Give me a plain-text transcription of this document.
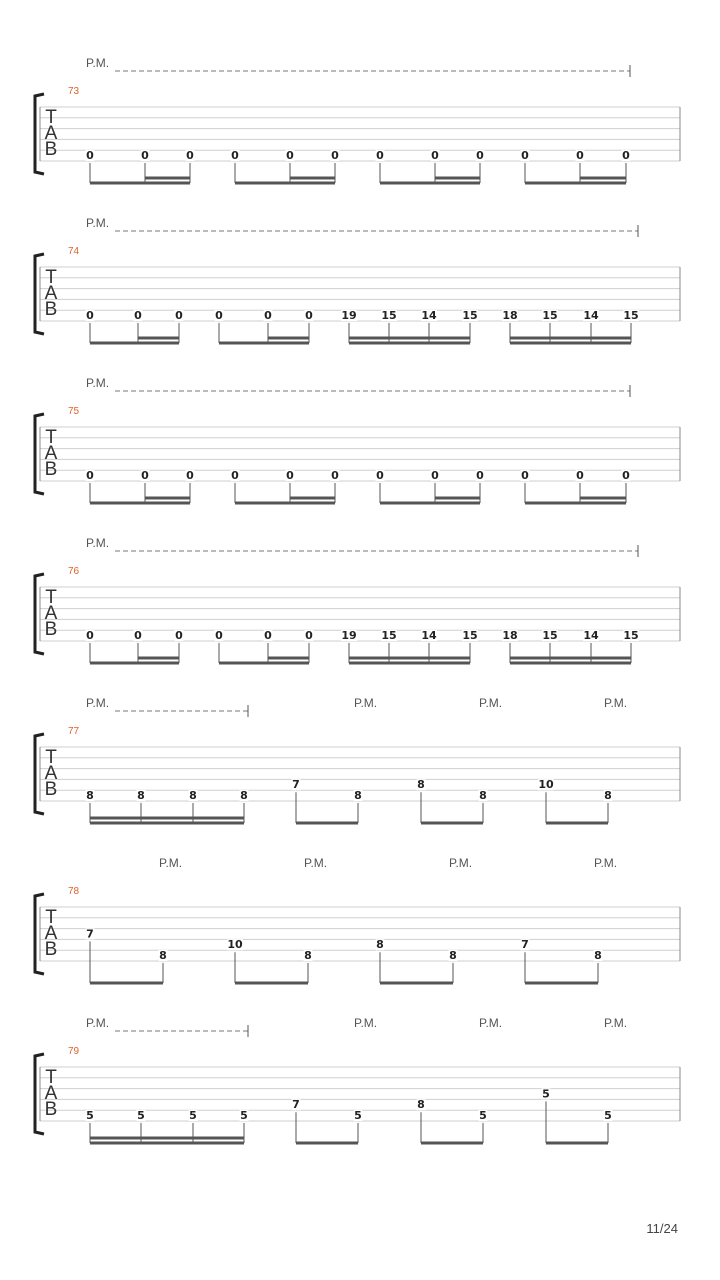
T
A
B
73
P.M.
0	0	0	0	0	0	0	0	0	0	0	0
T
A
B
74
P.M.
0	0	0	0	0	0	19 15 14 15 18 15 14 15
T
A
B
75
P.M.
0	0	0	0	0	0	0	0	0	0	0	0
T
A
B
76
P.M.
0	0	0	0	0	0	19 15 14 15 18 15 14 15
T
A
B
77
P.M.	P.M.	P.M.	P.M.
8	8	8	8
7
8
8
8
10
8
T
A
B
78
P.M.	P.M.	P.M.	P.M.
7
8
10
8
8
8
7
8
T
A
B
79
P.M.	P.M.	P.M.	P.M.
5	5	5	5
7
5
8
5
5
5
11/24
